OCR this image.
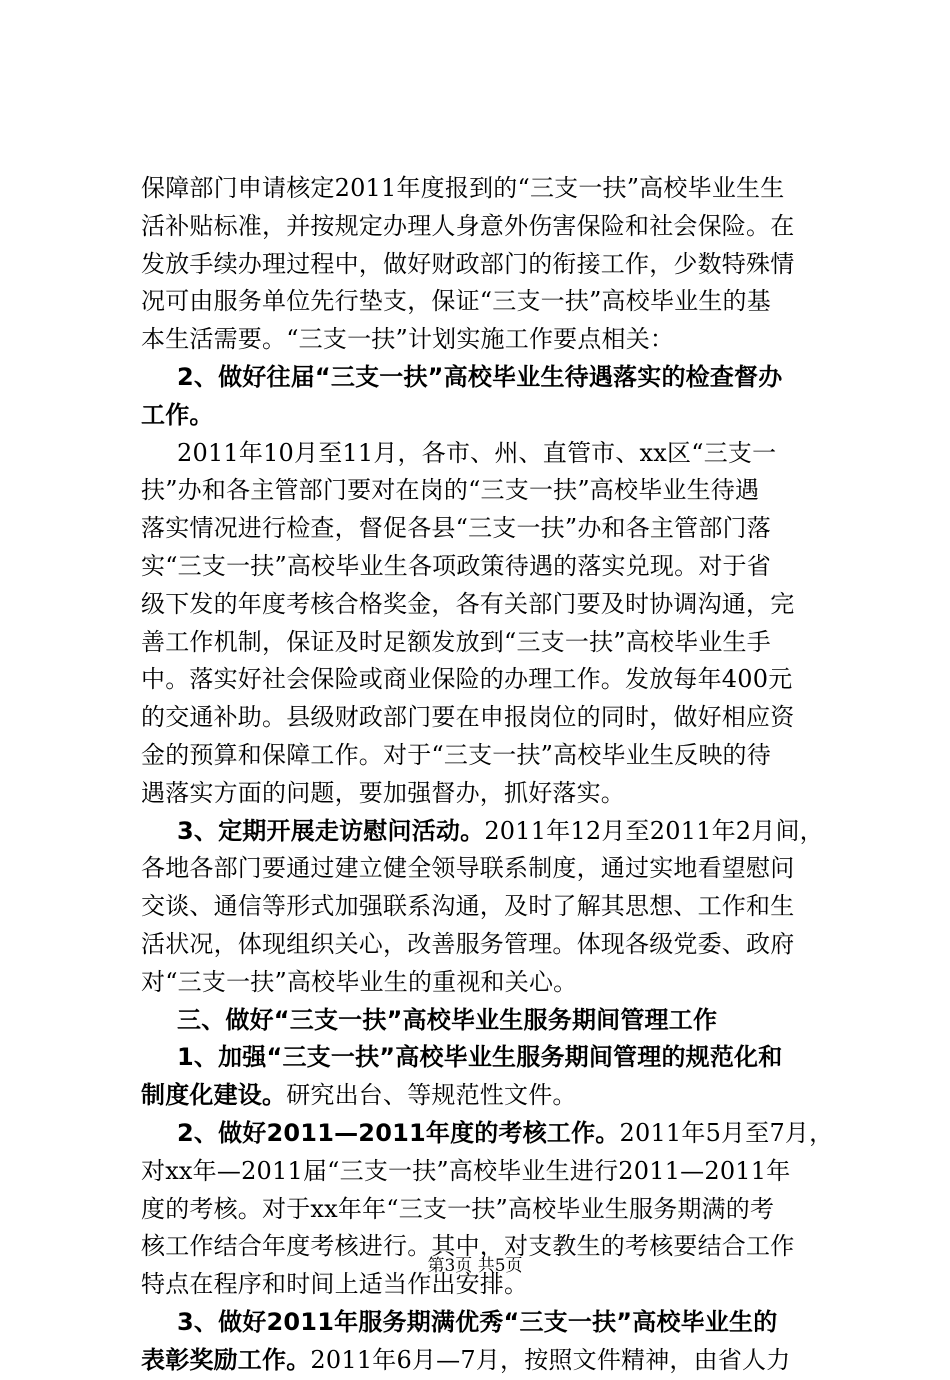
保障部门申请核定2011年度报到的“三支一扶”高校毕业生生
活补贴标准，并按规定办理人身意外伤害保险和社会保险。在
发放手续办理过程中，做好财政部门的衔接工作，少数特殊情
况可由服务单位先行垫支，保证“三支一扶”高校毕业生的基
本生活需要。“三支一扶”计划实施工作要点相关：
2、做好往届“三支一扶”高校毕业生待遇落实的检查督办
工作。
2011年10月至11月，各市、州、直管市、xx区“三支一
扶”办和各主管部门要对在岗的“三支一扶”高校毕业生待遇
落实情况进行检查，督促各县“三支一扶”办和各主管部门落
实“三支一扶”高校毕业生各项政策待遇的落实兑现。对于省
级下发的年度考核合格奖金，各有关部门要及时协调沟通，完
善工作机制，保证及时足额发放到“三支一扶”高校毕业生手
中。落实好社会保险或商业保险的办理工作。发放每年400元
的交通补助。县级财政部门要在申报岗位的同时，做好相应资
金的预算和保障工作。对于“三支一扶”高校毕业生反映的待
遇落实方面的问题，要加强督办，抓好落实。
3、定期开展走访慰问活动。2011年12月至2011年2月间，
各地各部门要通过建立健全领导联系制度，通过实地看望慰问
交谈、通信等形式加强联系沟通，及时了解其思想、工作和生
活状况，体现组织关心，改善服务管理。体现各级党委、政府
对“三支一扶”高校毕业生的重视和关心。
三、做好“三支一扶”高校毕业生服务期间管理工作
1、加强“三支一扶”高校毕业生服务期间管理的规范化和
制度化建设。研究出台、等规范性文件。
2、做好2011—2011年度的考核工作。2011年5月至7月，
对xx年—2011届“三支一扶”高校毕业生进行2011—2011年
度的考核。对于xx年年“三支一扶”高校毕业生服务期满的考
核工作结合年度考核进行。其中，对支教生的考核要结合工作
特点在程序和时间上适当作出安排。
3、做好2011年服务期满优秀“三支一扶”高校毕业生的
表彰奖励工作。2011年6月—7月，按照文件精神，由省人力
第3页 共5页
